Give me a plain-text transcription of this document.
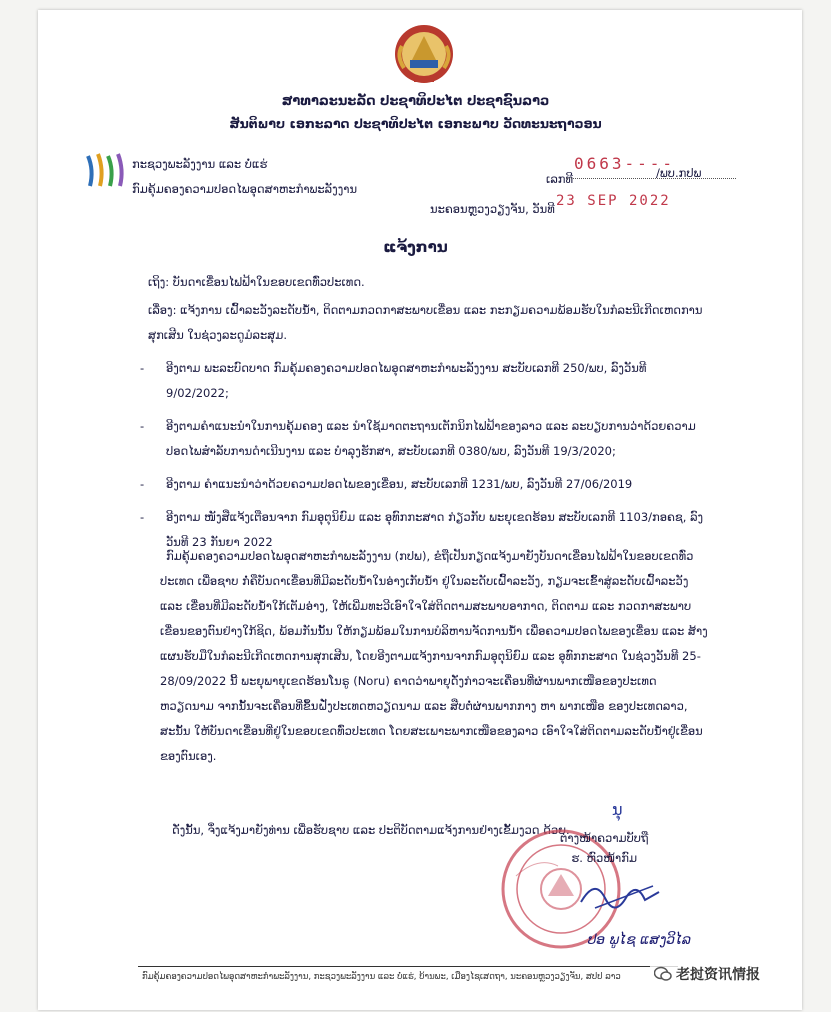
ສາທາລະນະລັດ ປະຊາທິປະໄຕ ປະຊາຊົນລາວ
ສັນຕິພາບ ເອກະລາດ ປະຊາທິປະໄຕ ເອກະພາບ ວັດທະນະຖາວອນ
ກະຊວງພະລັງງານ ແລະ ບໍ່ແຮ່
ກົມຄຸ້ມຄອງຄວາມປອດໄພອຸດສາຫະກຳພະລັງງານ
ເລກທີ
0663----
/ພບ.ກປພ
ນະຄອນຫຼວງວຽງຈັນ, ວັນທີ 23 SEP 2022
ແຈ້ງການ
ເຖິງ: ບັນດາເຂື່ອນໄຟຟ້າໃນຂອບເຂດທົ່ວປະເທດ.
ເລື່ອງ: ແຈ້ງການ ເຝົ້າລະວັງລະດັບນ້ຳ, ຕິດຕາມກວດກາສະພາບເຂື່ອນ ແລະ ກະກຽມຄວາມພ້ອມຮັບໃນກໍລະນີເກີດເຫດການສຸກເສີນ ໃນຊ່ວງລະດູມໍລະສຸມ.
- ອີງຕາມ ພະລະບົດບາດ ກົມຄຸ້ມຄອງຄວາມປອດໄພອຸດສາຫະກຳພະລັງງານ ສະບັບເລກທີ 250/ພບ, ລົງວັນທີ 9/02/2022;
- ອີງຕາມຄຳແນະນຳໃນການຄຸ້ມຄອງ ແລະ ນຳໃຊ້ມາດຕະຖານເຕັກນິກໄຟຟ້າຂອງລາວ ແລະ ລະບຽບການວ່າດ້ວຍຄວາມປອດໄພສຳລັບການດຳເນີນງານ ແລະ ບຳລຸງຮັກສາ, ສະບັບເລກທີ 0380/ພບ, ລົງວັນທີ 19/3/2020;
- ອີງຕາມ ຄຳແນະນຳວ່າດ້ວຍຄວາມປອດໄພຂອງເຂື່ອນ, ສະບັບເລກທີ 1231/ພບ, ລົງວັນທີ 27/06/2019
- ອີງຕາມ ໜັງສືແຈ້ງເຕືອນຈາກ ກົມອຸຕຸນິຍົມ ແລະ ອຸທົກກະສາດ ກ່ຽວກັບ ພະຍຸເຂດຮ້ອນ ສະບັບເລກທີ 1103/ກອຄຊ, ລົງວັນທີ 23 ກັນຍາ 2022
ກົມຄຸ້ມຄອງຄວາມປອດໄພອຸດສາຫະກຳພະລັງງານ (ກປພ), ຂໍຖືເປັນກຽດແຈ້ງມາຍັງບັນດາເຂື່ອນໄຟຟ້າໃນຂອບເຂດທົ່ວປະເທດ ເພື່ອຊາບ ກໍ່ຄືບັນດາເຂື່ອນທີ່ມີລະດັບນ້ຳໃນອ່າງເກັບນ້ຳ ຢູ່ໃນລະດັບເຝົ້າລະວັງ, ກຽມຈະເຂົ້າສູ່ລະດັບເຝົ້າລະວັງ ແລະ ເຂື່ອນທີ່ມີລະດັບນ້ຳໃກ້ເຕັມອ່າງ, ໃຫ້ເພີ່ມທະວີເອົາໃຈໃສ່ຕິດຕາມສະພາບອາກາດ, ຕິດຕາມ ແລະ ກວດກາສະພາບເຂື່ອນຂອງຕົນຢ່າງໃກ້ຊິດ, ພ້ອມກັນນັ້ນ ໃຫ້ກຽມພ້ອມໃນການບໍລິຫານຈັດການນ້ຳ ເພື່ອຄວາມປອດໄພຂອງເຂື່ອນ ແລະ ສ້າງແຜນຮັບມືໃນກໍລະນີເກີດເຫດການສຸກເສີນ, ໂດຍອີງຕາມແຈ້ງການຈາກກົມອຸຕຸນິຍົມ ແລະ ອຸທົກກະສາດ ໃນຊ່ວງວັນທີ 25-28/09/2022 ນີ້ ພະຍຸພາຍຸເຂດຮ້ອນໂນຣູ (Noru) ຄາດວ່າພາຍຸດັ່ງກ່າວຈະເຄື່ອນທີ່ຜ່ານພາກເໜືອຂອງປະເທດຫວຽດນາມ ຈາກນັ້ນຈະເຄື່ອນທີ່ຂຶ້ນຝັ່ງປະເທດຫວຽດນາມ ແລະ ສືບຕໍ່ຜ່ານພາກກາງ ຫາ ພາກເໜືອ ຂອງປະເທດລາວ, ສະນັ້ນ ໃຫ້ບັນດາເຂື່ອນທີ່ຢູ່ໃນຂອບເຂດທົ່ວປະເທດ ໂດຍສະເພາະພາກເໜືອຂອງລາວ ເອົາໃຈໃສ່ຕິດຕາມລະດັບນ້ຳຢູ່ເຂື່ອນຂອງຕົນເອງ.
ດັ່ງນັ້ນ, ຈຶ່ງແຈ້ງມາຍັງທ່ານ ເພື່ອຮັບຊາບ ແລະ ປະຕິບັດຕາມແຈ້ງການຢ່າງເຂັ້ມງວດ ດ້ວຍ.
ນຸ
ຕ່າງໜ້າຄວາມບັບຖື
ຮ. ຫົວໜ້າກົມ
ປອ ພູໄຊ ແສງວິໄລ
ກົມຄຸ້ມຄອງຄວາມປອດໄພອຸດສາຫະກຳພະລັງງານ, ກະຊວງພະລັງງານ ແລະ ບໍ່ແຮ່, ບ້ານພະ, ເມືອງໄຊເສດຖາ, ນະຄອນຫຼວງວຽງຈັນ, ສປປ ລາວ	老挝资讯情报
